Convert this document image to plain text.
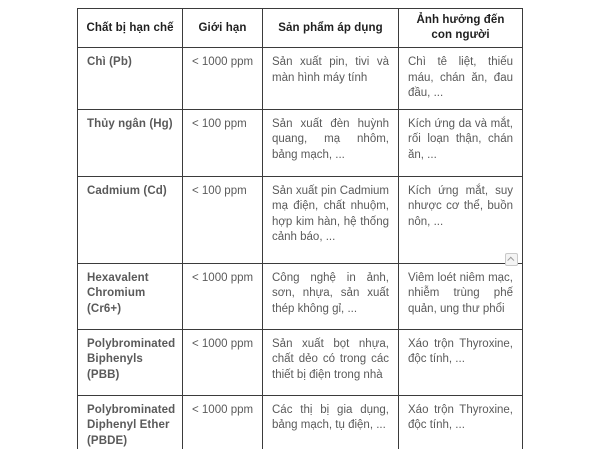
Chất bị hạn chế	Giới hạn	Sản phẩm áp dụng	Ảnh hưởng đến con người
Chì (Pb)	< 1000 ppm	Sản xuất pin, tivi và màn hình máy tính	Chì tê liệt, thiếu máu, chán ăn, đau đầu, ...
Thủy ngân (Hg)	< 100 ppm	Sản xuất đèn huỳnh quang, mạ nhôm, bảng mạch, ...	Kích ứng da và mắt, rối loạn thận, chán ăn, ...
Cadmium (Cd)	< 100 ppm	Sản xuất pin Cadmium mạ điện, chất nhuộm, hợp kim hàn, hệ thống cảnh báo, ...	Kích ứng mắt, suy nhược cơ thể, buồn nôn, ...
Hexavalent Chromium (Cr6+)	< 1000 ppm	Công nghệ in ảnh, sơn, nhựa, sản xuất thép không gỉ, ...	Viêm loét niêm mạc, nhiễm trùng phế quản, ung thư phổi
Polybrominated Biphenyls (PBB)	< 1000 ppm	Sản xuất bọt nhựa, chất dẻo có trong các thiết bị điện trong nhà	Xáo trộn Thyroxine, độc tính, ...
Polybrominated Diphenyl Ether (PBDE)	< 1000 ppm	Các thị bị gia dụng, bảng mạch, tụ điện, ...	Xáo trộn Thyroxine, độc tính, ...
